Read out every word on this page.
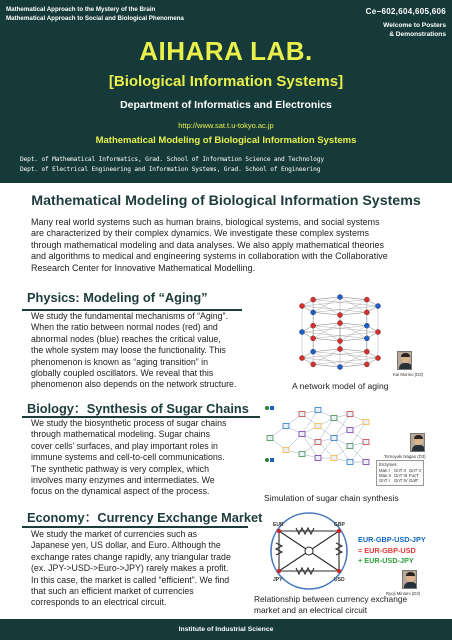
Mathematical Approach to the Mystery of the Brain
Mathematical Approach to Social and Biological Phenomena
Ce−602,604,605,606
Welcome to Posters
& Demonstrations
AIHARA LAB.
[Biological Information Systems]
Department of Informatics and Electronics
http://www.sat.t.u-tokyo.ac.jp
Mathematical Modeling of Biological Information Systems
Dept. of Mathematical Informatics, Grad. School of Information Science and Technology
Dept. of Electrical Engineering and Information Systems, Grad. School of Engineering
Mathematical Modeling of Biological Information Systems
Many real world systems such as human brains, biological systems, and social systems
are characterized by their complex dynamics. We investigate these complex systems
through mathematical modeling and data analyses. We also apply mathematical theories
and algorithms to medical and engineering systems in collaboration with the Collaborative
Research Center for Innovative Mathematical Modelling.
Physics: Modeling of “Aging”
We study the fundamental mechanisms of “Aging”.
When the ratio between normal nodes (red) and
abnormal nodes (blue) reaches the critical value,
the whole system may loose the functionality. This
phenomenon is known as “aging transition” in
globally coupled oscillators. We reveal that this
phenomenon also depends on the network structure.
Kai Morino (D3)
A network model of aging
Biology：Synthesis of Sugar Chains
We study the biosynthetic process of sugar chains
through mathematical modeling. Sugar chains
cover cells’ surfaces, and play important roles in
immune systems and cell-to-cell communications.
The synthetic pathway is very complex, which
involves many enzymes and intermediates. We
focus on the dynamical aspect of the process.
Tomoyuki Nagao (D3)
Enzymes
Man I
Man II
GnT I
GnT II
GnT III
GnT IV
GnT V
FucT
GalT
Simulation of sugar chain synthesis
Economy：Currency Exchange Market
We study the market of currencies such as
Japanese yen, US dollar, and Euro. Although the
exchange rates change rapidly, any triangular trade
(ex. JPY->USD->Euro->JPY) rarely makes a profit.
In this case, the market is called “efficient”. We find
that such an efficient market of currencies
corresponds to an electrical circuit.
EUR	GBP
USD
JPY
EUR-GBP-USD-JPY
= EUR-GBP-USD
+ EUR-USD-JPY
Ryoji Minami (D3)
Relationship between currency exchange
market and an electrical circuit
Institute of Industrial Science
